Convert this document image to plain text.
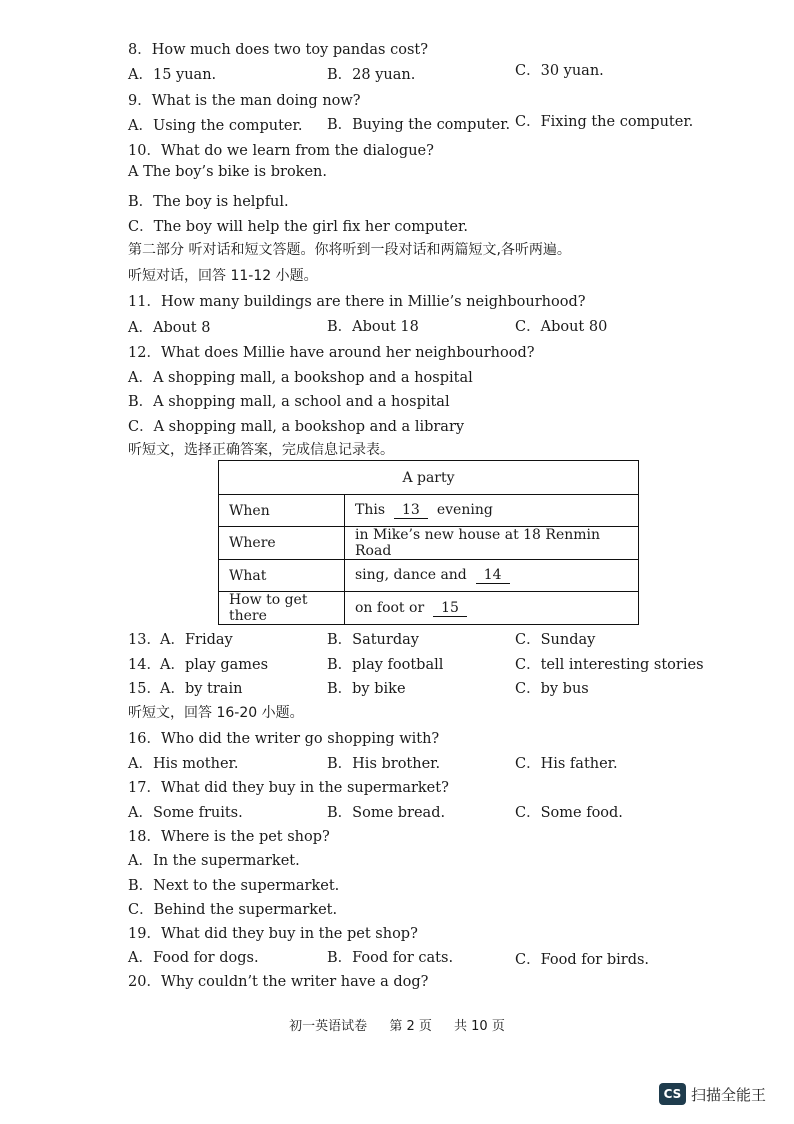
8．How much does two toy pandas cost?
A．15 yuan.	B．28 yuan.	C．30 yuan.
9．What is the man doing now?
A．Using the computer. B．Buying the computer. C．Fixing the computer.
10．What do we learn from the dialogue?
A The boy’s bike is broken.
B．The boy is helpful.
C．The boy will help the girl fix her computer.
第二部分 听对话和短文答题。你将听到一段对话和两篇短文,各听两遍。
听短对话，回答 11-12 小题。
11．How many buildings are there in Millie’s neighbourhood?
A．About 8	B．About 18	C．About 80
12．What does Millie have around her neighbourhood?
A．A shopping mall, a bookshop and a hospital
B．A shopping mall, a school and a hospital
C．A shopping mall, a bookshop and a library
听短文，选择正确答案，完成信息记录表。
A party	
When	This 13 evening
Where	in Mike’s new house at 18 Renmin Road
What	sing, dance and 14
How to get there	on foot or 15
13． A．Friday	B．Saturday	C．Sunday
14． A．play games	B．play football	C．tell interesting stories
15． A．by train	B．by bike	C．by bus
听短文，回答 16-20 小题。
16．Who did the writer go shopping with?
A．His mother.	B．His brother.	C．His father.
17．What did they buy in the supermarket?
A．Some fruits.	B．Some bread.	C．Some food.
18．Where is the pet shop?
A．In the supermarket.
B．Next to the supermarket.
C．Behind the supermarket.
19．What did they buy in the pet shop?
A．Food for dogs.	B．Food for cats.	C．Food for birds.
20．Why couldn’t the writer have a dog?
初一英语试卷 第 2 页 共 10 页
CS 扫描全能王
